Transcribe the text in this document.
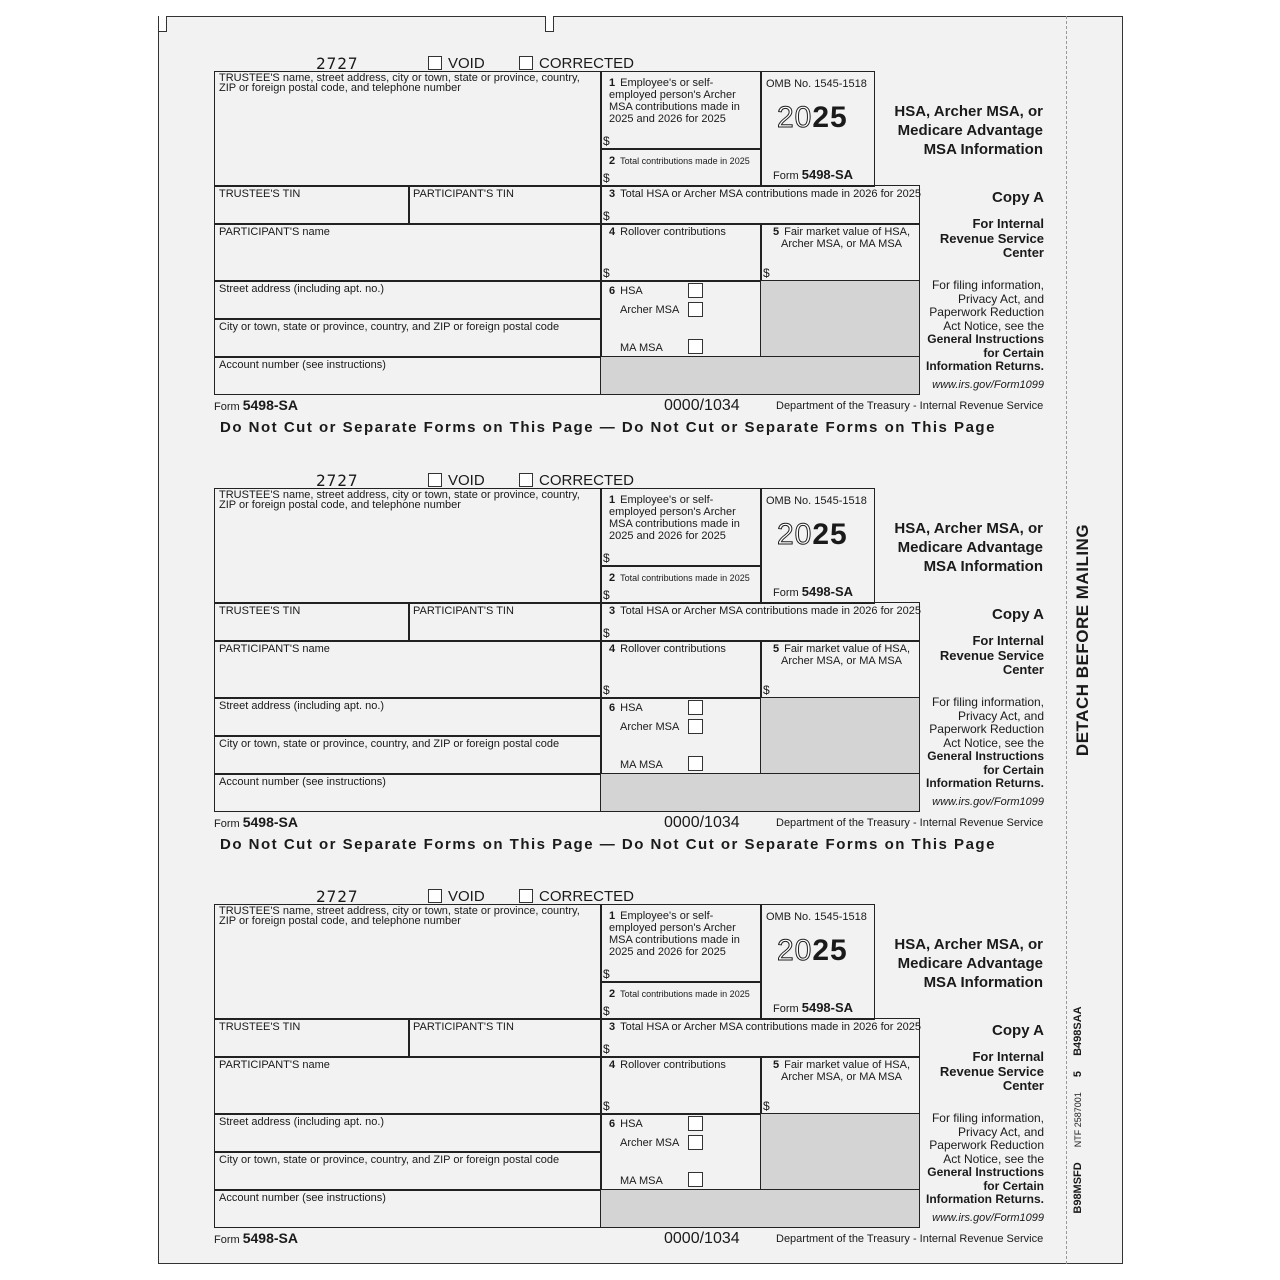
DETACH BEFORE MAILING
B98MSFD NTF 2587001 5 B498SAA
2727	VOID	CORRECTED
TRUSTEE'S name, street address, city or town, state or province, country, ZIP or foreign postal code, and telephone number	1 Employee's or self-employed person's Archer MSA contributions made in 2025 and 2026 for 2025
$
2 Total contributions made in 2025
$
OMB No. 1545-1518
2025
Form 5498-SA
HSA, Archer MSA, or Medicare Advantage MSA Information
TRUSTEE'S TIN	PARTICIPANT'S TIN	3 Total HSA or Archer MSA contributions made in 2026 for 2025
$
Copy A
For Internal Revenue Service Center
PARTICIPANT'S name	4 Rollover contributions
$
5 Fair market value of HSA, Archer MSA, or MA MSA
$
For filing information, Privacy Act, and Paperwork Reduction Act Notice, see the General Instructions for Certain Information Returns.
www.irs.gov/Form1099
Street address (including apt. no.)	6 HSA
Archer MSA
MA MSA
City or town, state or province, country, and ZIP or foreign postal code
Account number (see instructions)
Form 5498-SA	0000/1034	Department of the Treasury - Internal Revenue Service
Do Not Cut or Separate Forms on This Page — Do Not Cut or Separate Forms on This Page
2727	VOID	CORRECTED
TRUSTEE'S name, street address, city or town, state or province, country, ZIP or foreign postal code, and telephone number	1 Employee's or self-employed person's Archer MSA contributions made in 2025 and 2026 for 2025
$
2 Total contributions made in 2025
$
OMB No. 1545-1518
2025
Form 5498-SA
HSA, Archer MSA, or Medicare Advantage MSA Information
TRUSTEE'S TIN	PARTICIPANT'S TIN	3 Total HSA or Archer MSA contributions made in 2026 for 2025
$
Copy A
For Internal Revenue Service Center
PARTICIPANT'S name	4 Rollover contributions
$
5 Fair market value of HSA, Archer MSA, or MA MSA
$
For filing information, Privacy Act, and Paperwork Reduction Act Notice, see the General Instructions for Certain Information Returns.
www.irs.gov/Form1099
Street address (including apt. no.)	6 HSA
Archer MSA
MA MSA
City or town, state or province, country, and ZIP or foreign postal code
Account number (see instructions)
Form 5498-SA	0000/1034	Department of the Treasury - Internal Revenue Service
Do Not Cut or Separate Forms on This Page — Do Not Cut or Separate Forms on This Page
2727	VOID	CORRECTED
TRUSTEE'S name, street address, city or town, state or province, country, ZIP or foreign postal code, and telephone number	1 Employee's or self-employed person's Archer MSA contributions made in 2025 and 2026 for 2025
$
2 Total contributions made in 2025
$
OMB No. 1545-1518
2025
Form 5498-SA
HSA, Archer MSA, or Medicare Advantage MSA Information
TRUSTEE'S TIN	PARTICIPANT'S TIN	3 Total HSA or Archer MSA contributions made in 2026 for 2025
$
Copy A
For Internal Revenue Service Center
PARTICIPANT'S name	4 Rollover contributions
$
5 Fair market value of HSA, Archer MSA, or MA MSA
$
For filing information, Privacy Act, and Paperwork Reduction Act Notice, see the General Instructions for Certain Information Returns.
www.irs.gov/Form1099
Street address (including apt. no.)	6 HSA
Archer MSA
MA MSA
City or town, state or province, country, and ZIP or foreign postal code
Account number (see instructions)
Form 5498-SA	0000/1034	Department of the Treasury - Internal Revenue Service
